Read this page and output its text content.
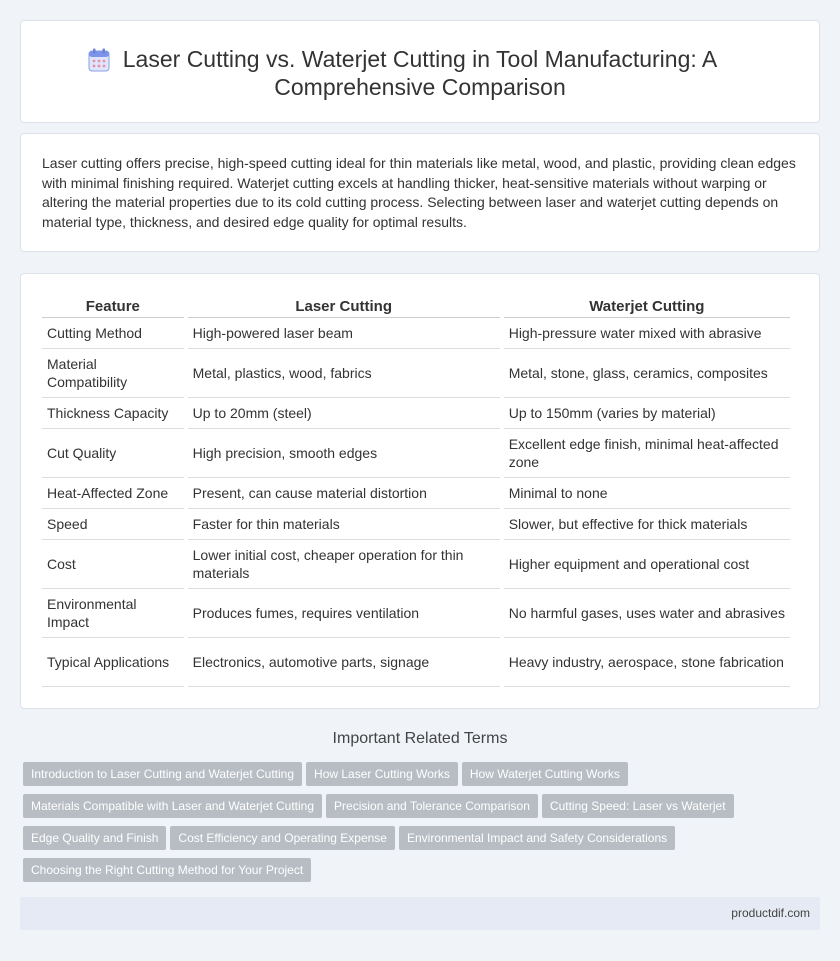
Laser Cutting vs. Waterjet Cutting in Tool Manufacturing: A
Comprehensive Comparison

Laser cutting offers precise, high-speed cutting ideal for thin materials like metal, wood, and plastic, providing clean edges with minimal finishing required. Waterjet cutting excels at handling thicker, heat-sensitive materials without warping or altering the material properties due to its cold cutting process. Selecting between laser and waterjet cutting depends on material type, thickness, and desired edge quality for optimal results.

Feature	Laser Cutting	Waterjet Cutting
Cutting Method	High-powered laser beam	High-pressure water mixed with abrasive
Material Compatibility	Metal, plastics, wood, fabrics	Metal, stone, glass, ceramics, composites
Thickness Capacity	Up to 20mm (steel)	Up to 150mm (varies by material)
Cut Quality	High precision, smooth edges	Excellent edge finish, minimal heat-affected zone
Heat-Affected Zone	Present, can cause material distortion	Minimal to none
Speed	Faster for thin materials	Slower, but effective for thick materials
Cost	Lower initial cost, cheaper operation for thin materials	Higher equipment and operational cost
Environmental Impact	Produces fumes, requires ventilation	No harmful gases, uses water and abrasives
Typical Applications	Electronics, automotive parts, signage	Heavy industry, aerospace, stone fabrication
Important Related Terms
Introduction to Laser Cutting and Waterjet Cutting How Laser Cutting Works How Waterjet Cutting Works
Materials Compatible with Laser and Waterjet Cutting Precision and Tolerance Comparison Cutting Speed: Laser vs Waterjet
Edge Quality and Finish Cost Efficiency and Operating Expense Environmental Impact and Safety Considerations
Choosing the Right Cutting Method for Your Project
productdif.com
